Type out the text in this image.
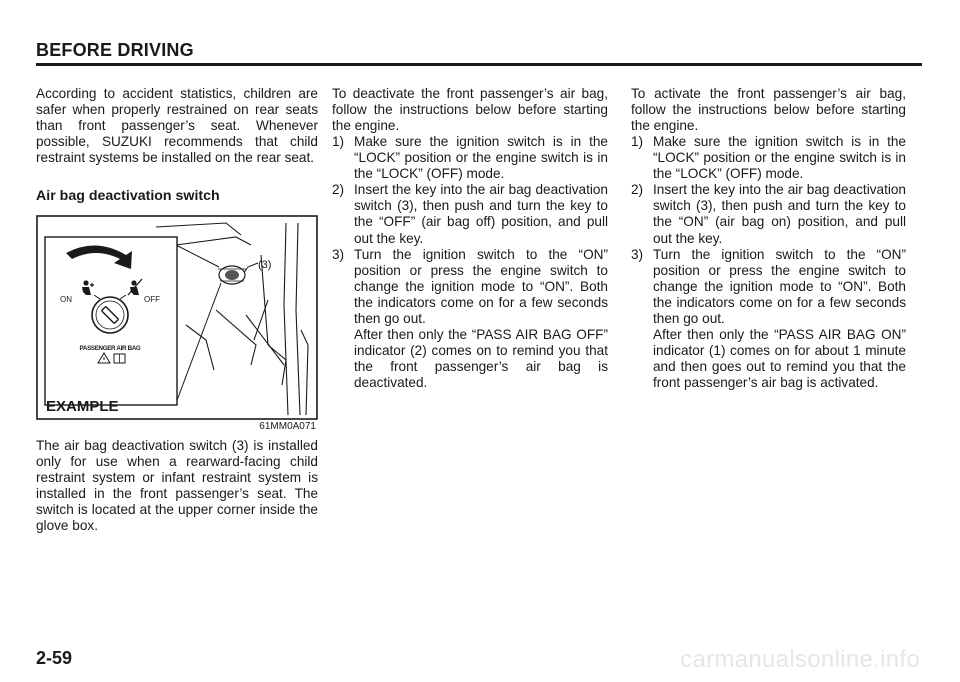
BEFORE DRIVING

According to accident statistics, children are safer when properly restrained on rear seats than front passenger’s seat. Whenever possible, SUZUKI recommends that child restraint systems be installed on the rear seat.

Air bag deactivation switch
(3)
ON	OFF
PASSENGER AIR BAG
EXAMPLE
61MM0A071

The air bag deactivation switch (3) is installed only for use when a rearward-facing child restraint system or infant restraint system is installed in the front passenger’s seat. The switch is located at the upper corner inside the glove box.

To deactivate the front passenger’s air bag, follow the instructions below before starting the engine.

1) Make sure the ignition switch is in the “LOCK” position or the engine switch is in the “LOCK” (OFF) mode.

2) Insert the key into the air bag deactivation switch (3), then push and turn the key to the “OFF” (air bag off) position, and pull out the key.

3) Turn the ignition switch to the “ON” position or press the engine switch to change the ignition mode to “ON”. Both the indicators come on for a few seconds then go out.

After then only the “PASS AIR BAG OFF” indicator (2) comes on to remind you that the front passenger’s air bag is deactivated.

To activate the front passenger’s air bag, follow the instructions below before starting the engine.

1) Make sure the ignition switch is in the “LOCK” position or the engine switch is in the “LOCK” (OFF) mode.

2) Insert the key into the air bag deactivation switch (3), then push and turn the key to the “ON” (air bag on) position, and pull out the key.

3) Turn the ignition switch to the “ON” position or press the engine switch to change the ignition mode to “ON”. Both the indicators come on for a few seconds then go out.

After then only the “PASS AIR BAG ON” indicator (1) comes on for about 1 minute and then goes out to remind you that the front passenger’s air bag is activated.

2-59	carmanualsonline.info
